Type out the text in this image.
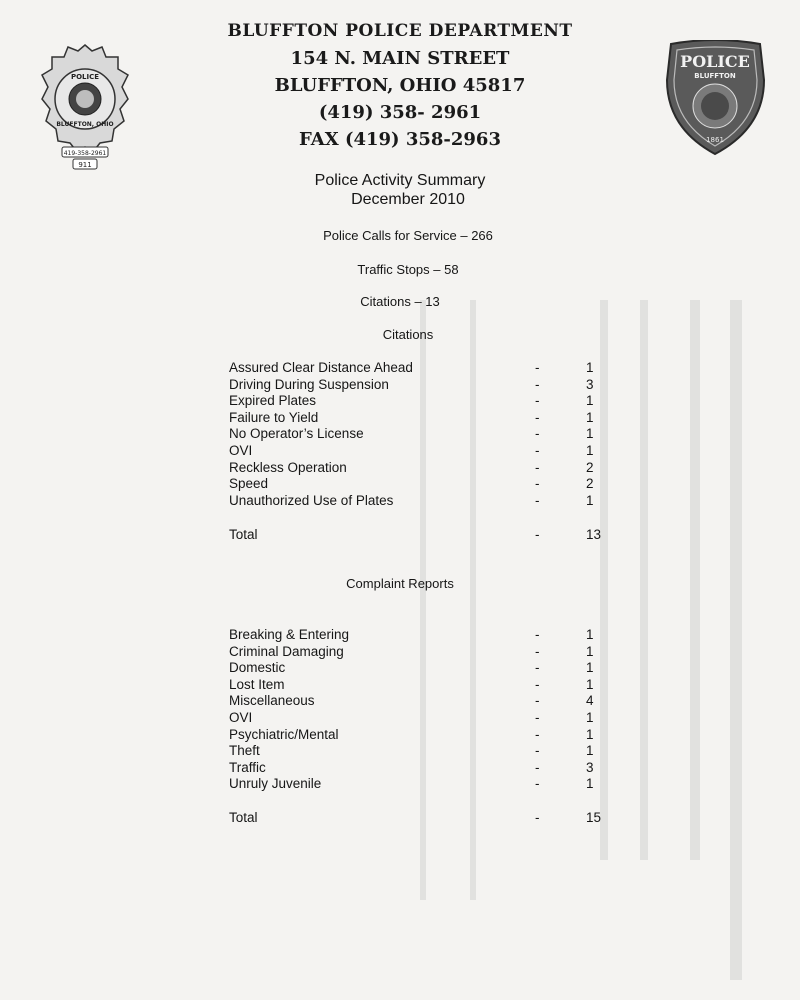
POLICE
BLUFFTON, OHIO
419-358-2961
911
BLUFFTON POLICE DEPARTMENT
154 N. MAIN STREET
BLUFFTON, OHIO 45817
(419) 358- 2961
FAX (419) 358-2963
POLICE
BLUFFTON
1861
Police Activity Summary
December 2010
Police Calls for Service – 266
Traffic Stops – 58
Citations – 13
Citations
Assured Clear Distance Ahead	-	1
Driving During Suspension	-	3
Expired Plates	-	1
Failure to Yield	-	1
No Operator’s License	-	1
OVI	-	1
Reckless Operation	-	2
Speed	-	2
Unauthorized Use of Plates	-	1
Total	-	13
Complaint Reports
Breaking & Entering	-	1
Criminal Damaging	-	1
Domestic	-	1
Lost Item	-	1
Miscellaneous	-	4
OVI	-	1
Psychiatric/Mental	-	1
Theft	-	1
Traffic	-	3
Unruly Juvenile	-	1
Total	-	15
